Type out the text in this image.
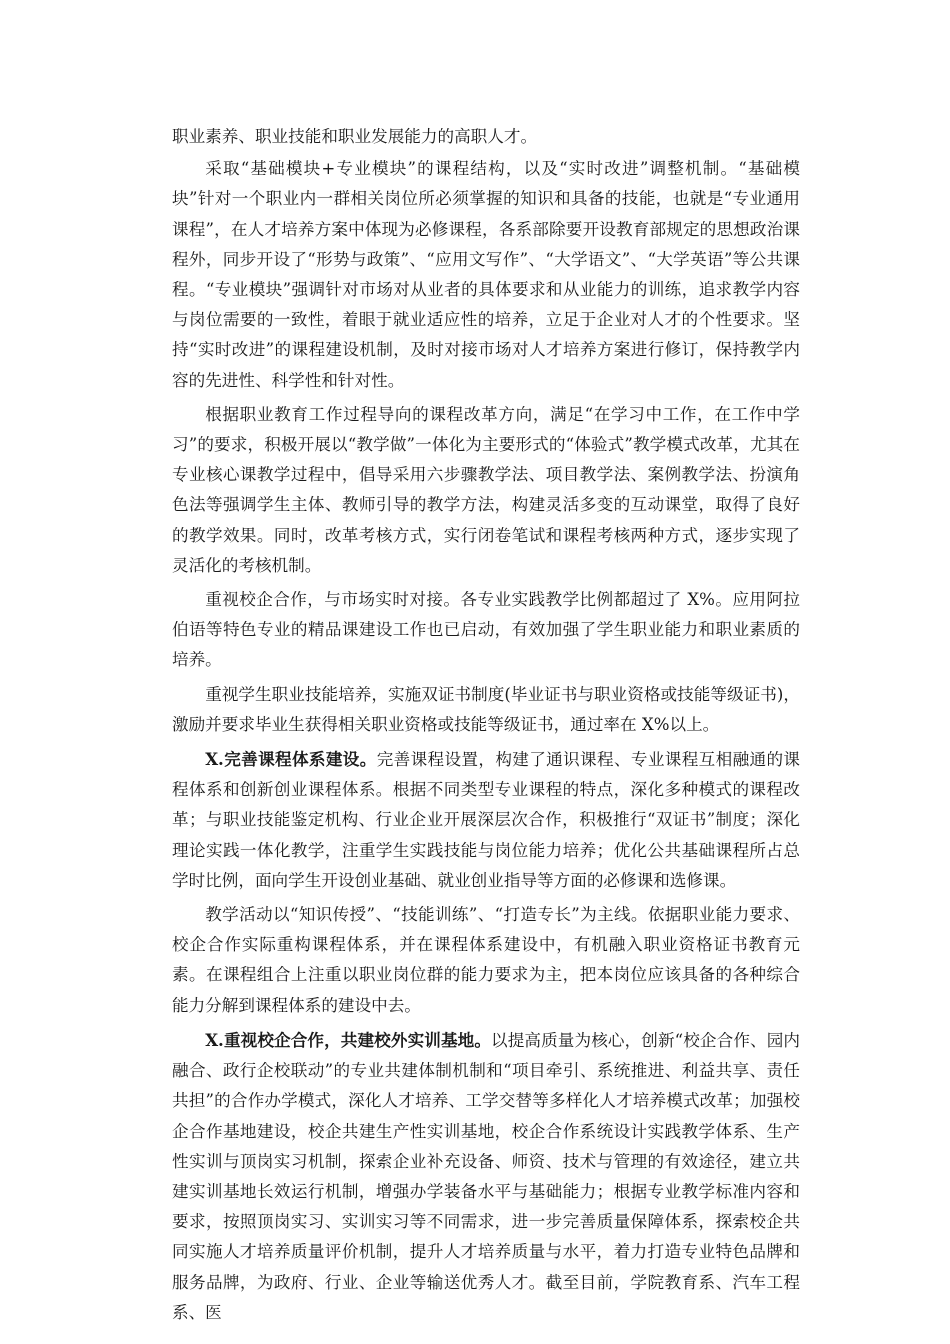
职业素养、职业技能和职业发展能力的高职人才。

采取“基础模块+专业模块”的课程结构，以及“实时改进”调整机制。“基础模块”针对一个职业内一群相关岗位所必须掌握的知识和具备的技能，也就是“专业通用课程”，在人才培养方案中体现为必修课程，各系部除要开设教育部规定的思想政治课程外，同步开设了“形势与政策”、“应用文写作”、“大学语文”、“大学英语”等公共课程。“专业模块”强调针对市场对从业者的具体要求和从业能力的训练，追求教学内容与岗位需要的一致性，着眼于就业适应性的培养，立足于企业对人才的个性要求。坚持“实时改进”的课程建设机制，及时对接市场对人才培养方案进行修订，保持教学内容的先进性、科学性和针对性。

根据职业教育工作过程导向的课程改革方向，满足“在学习中工作，在工作中学习”的要求，积极开展以“教学做”一体化为主要形式的“体验式”教学模式改革，尤其在专业核心课教学过程中，倡导采用六步骤教学法、项目教学法、案例教学法、扮演角色法等强调学生主体、教师引导的教学方法，构建灵活多变的互动课堂，取得了良好的教学效果。同时，改革考核方式，实行闭卷笔试和课程考核两种方式，逐步实现了灵活化的考核机制。

重视校企合作，与市场实时对接。各专业实践教学比例都超过了 X%。应用阿拉伯语等特色专业的精品课建设工作也已启动，有效加强了学生职业能力和职业素质的培养。

重视学生职业技能培养，实施双证书制度(毕业证书与职业资格或技能等级证书)，激励并要求毕业生获得相关职业资格或技能等级证书，通过率在 X%以上。

X.完善课程体系建设。完善课程设置，构建了通识课程、专业课程互相融通的课程体系和创新创业课程体系。根据不同类型专业课程的特点，深化多种模式的课程改革；与职业技能鉴定机构、行业企业开展深层次合作，积极推行“双证书”制度；深化理论实践一体化教学，注重学生实践技能与岗位能力培养；优化公共基础课程所占总学时比例，面向学生开设创业基础、就业创业指导等方面的必修课和选修课。

教学活动以“知识传授”、“技能训练”、“打造专长”为主线。依据职业能力要求、校企合作实际重构课程体系，并在课程体系建设中，有机融入职业资格证书教育元素。在课程组合上注重以职业岗位群的能力要求为主，把本岗位应该具备的各种综合能力分解到课程体系的建设中去。

X.重视校企合作，共建校外实训基地。以提高质量为核心，创新“校企合作、园内融合、政行企校联动”的专业共建体制机制和“项目牵引、系统推进、利益共享、责任共担”的合作办学模式，深化人才培养、工学交替等多样化人才培养模式改革；加强校企合作基地建设，校企共建生产性实训基地，校企合作系统设计实践教学体系、生产性实训与顶岗实习机制，探索企业补充设备、师资、技术与管理的有效途径，建立共建实训基地长效运行机制，增强办学装备水平与基础能力；根据专业教学标准内容和要求，按照顶岗实习、实训实习等不同需求，进一步完善质量保障体系，探索校企共同实施人才培养质量评价机制，提升人才培养质量与水平，着力打造专业特色品牌和服务品牌，为政府、行业、企业等输送优秀人才。截至目前，学院教育系、汽车工程系、医
